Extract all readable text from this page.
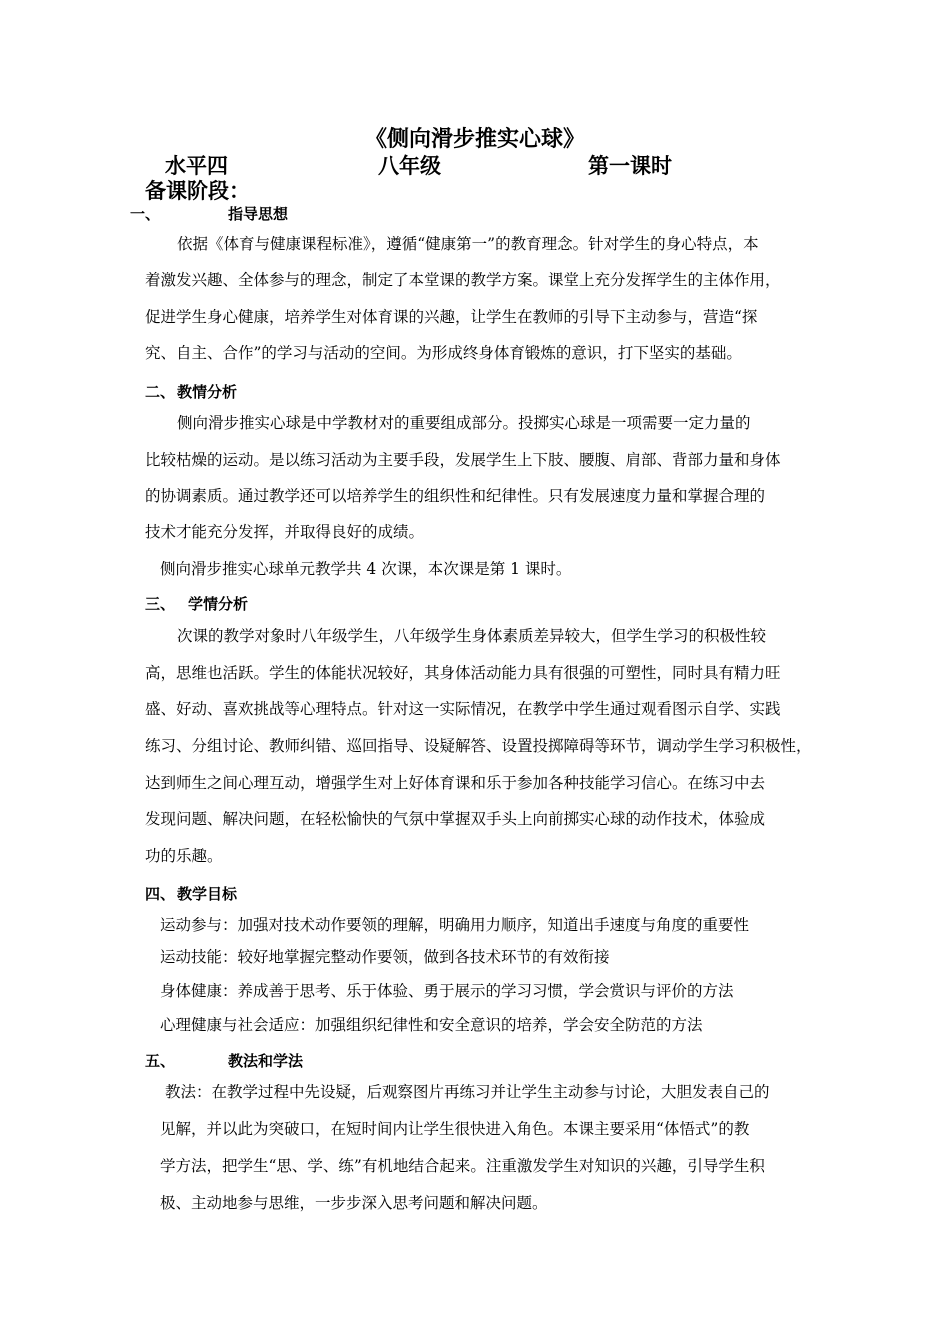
《侧向滑步推实心球》
水平四	八年级	第一课时
备课阶段：
一、	指导思想
依据《体育与健康课程标准》，遵循“健康第一”的教育理念。针对学生的身心特点，本
着激发兴趣、全体参与的理念，制定了本堂课的教学方案。课堂上充分发挥学生的主体作用，
促进学生身心健康，培养学生对体育课的兴趣，让学生在教师的引导下主动参与，营造“探
究、自主、合作”的学习与活动的空间。为形成终身体育锻炼的意识，打下坚实的基础。
二、 教情分析
侧向滑步推实心球是中学教材对的重要组成部分。投掷实心球是一项需要一定力量的
比较枯燥的运动。是以练习活动为主要手段，发展学生上下肢、腰腹、肩部、背部力量和身体
的协调素质。通过教学还可以培养学生的组织性和纪律性。只有发展速度力量和掌握合理的
技术才能充分发挥，并取得良好的成绩。
侧向滑步推实心球单元教学共 4 次课，本次课是第 1 课时。
三、 学情分析
次课的教学对象时八年级学生，八年级学生身体素质差异较大，但学生学习的积极性较
高，思维也活跃。学生的体能状况较好，其身体活动能力具有很强的可塑性，同时具有精力旺
盛、好动、喜欢挑战等心理特点。针对这一实际情况，在教学中学生通过观看图示自学、实践
练习、分组讨论、教师纠错、巡回指导、设疑解答、设置投掷障碍等环节，调动学生学习积极性，
达到师生之间心理互动，增强学生对上好体育课和乐于参加各种技能学习信心。在练习中去
发现问题、解决问题，在轻松愉快的气氛中掌握双手头上向前掷实心球的动作技术，体验成
功的乐趣。
四、 教学目标
运动参与：加强对技术动作要领的理解，明确用力顺序，知道出手速度与角度的重要性
运动技能：较好地掌握完整动作要领，做到各技术环节的有效衔接
身体健康：养成善于思考、乐于体验、勇于展示的学习习惯，学会赏识与评价的方法
心理健康与社会适应：加强组织纪律性和安全意识的培养，学会安全防范的方法
五、	教法和学法
教法：在教学过程中先设疑，后观察图片再练习并让学生主动参与讨论，大胆发表自己的
见解，并以此为突破口，在短时间内让学生很快进入角色。本课主要采用“体悟式”的教
学方法，把学生“思、学、练”有机地结合起来。注重激发学生对知识的兴趣，引导学生积
极、主动地参与思维，一步步深入思考问题和解决问题。
